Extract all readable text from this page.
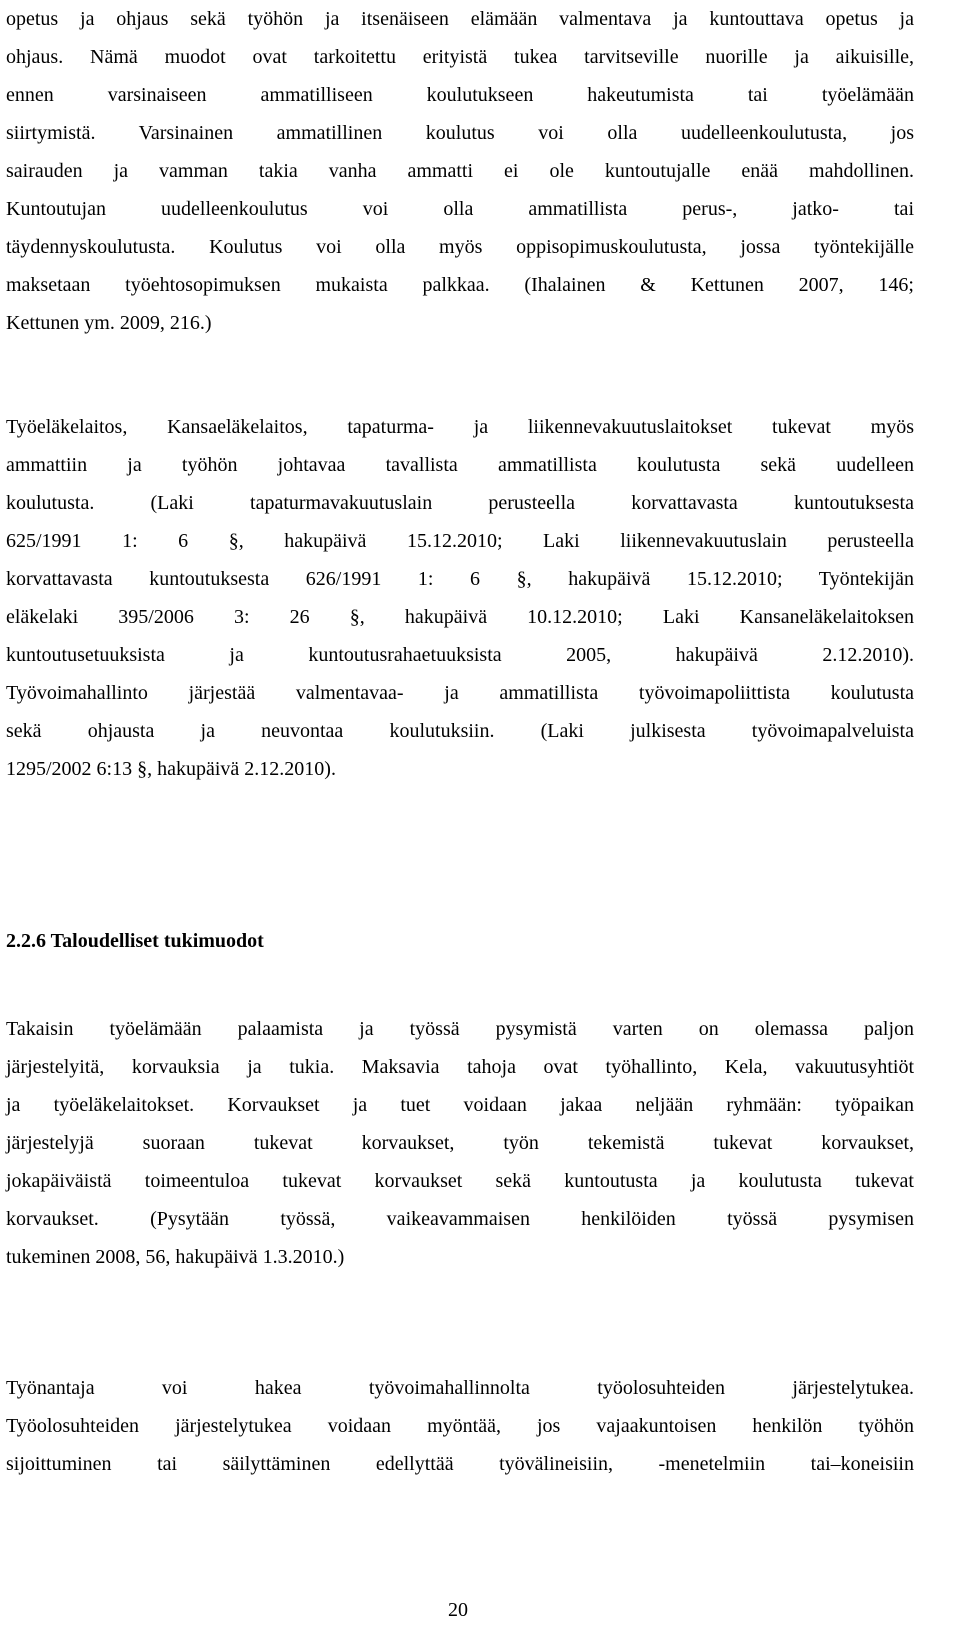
opetus ja ohjaus sekä työhön ja itsenäiseen elämään valmentava ja kuntouttava opetus ja
ohjaus. Nämä muodot ovat tarkoitettu erityistä tukea tarvitseville nuorille ja aikuisille,
ennen varsinaiseen ammatilliseen koulutukseen hakeutumista tai työelämään
siirtymistä. Varsinainen ammatillinen koulutus voi olla uudelleenkoulutusta, jos
sairauden ja vamman takia vanha ammatti ei ole kuntoutujalle enää mahdollinen.
Kuntoutujan uudelleenkoulutus voi olla ammatillista perus-, jatko- tai
täydennyskoulutusta. Koulutus voi olla myös oppisopimuskoulutusta, jossa työntekijälle
maksetaan työehtosopimuksen mukaista palkkaa. (Ihalainen & Kettunen 2007, 146;
Kettunen ym. 2009, 216.)
Työeläkelaitos, Kansaeläkelaitos, tapaturma- ja liikennevakuutuslaitokset tukevat myös
ammattiin ja työhön johtavaa tavallista ammatillista koulutusta sekä uudelleen
koulutusta. (Laki tapaturmavakuutuslain perusteella korvattavasta kuntoutuksesta
625/1991 1: 6 §, hakupäivä 15.12.2010; Laki liikennevakuutuslain perusteella
korvattavasta kuntoutuksesta 626/1991 1: 6 §, hakupäivä 15.12.2010; Työntekijän
eläkelaki 395/2006 3: 26 §, hakupäivä 10.12.2010; Laki Kansaneläkelaitoksen
kuntoutusetuuksista ja kuntoutusrahaetuuksista 2005, hakupäivä 2.12.2010).
Työvoimahallinto järjestää valmentavaa- ja ammatillista työvoimapoliittista koulutusta
sekä ohjausta ja neuvontaa koulutuksiin. (Laki julkisesta työvoimapalveluista
1295/2002 6:13 §, hakupäivä 2.12.2010).
2.2.6 Taloudelliset tukimuodot
Takaisin työelämään palaamista ja työssä pysymistä varten on olemassa paljon
järjestelyitä, korvauksia ja tukia. Maksavia tahoja ovat työhallinto, Kela, vakuutusyhtiöt
ja työeläkelaitokset. Korvaukset ja tuet voidaan jakaa neljään ryhmään: työpaikan
järjestelyjä suoraan tukevat korvaukset, työn tekemistä tukevat korvaukset,
jokapäiväistä toimeentuloa tukevat korvaukset sekä kuntoutusta ja koulutusta tukevat
korvaukset. (Pysytään työssä, vaikeavammaisen henkilöiden työssä pysymisen
tukeminen 2008, 56, hakupäivä 1.3.2010.)
Työnantaja voi hakea työvoimahallinnolta työolosuhteiden järjestelytukea.
Työolosuhteiden järjestelytukea voidaan myöntää, jos vajaakuntoisen henkilön työhön
sijoittuminen tai säilyttäminen edellyttää työvälineisiin, -menetelmiin tai–koneisiin
20
